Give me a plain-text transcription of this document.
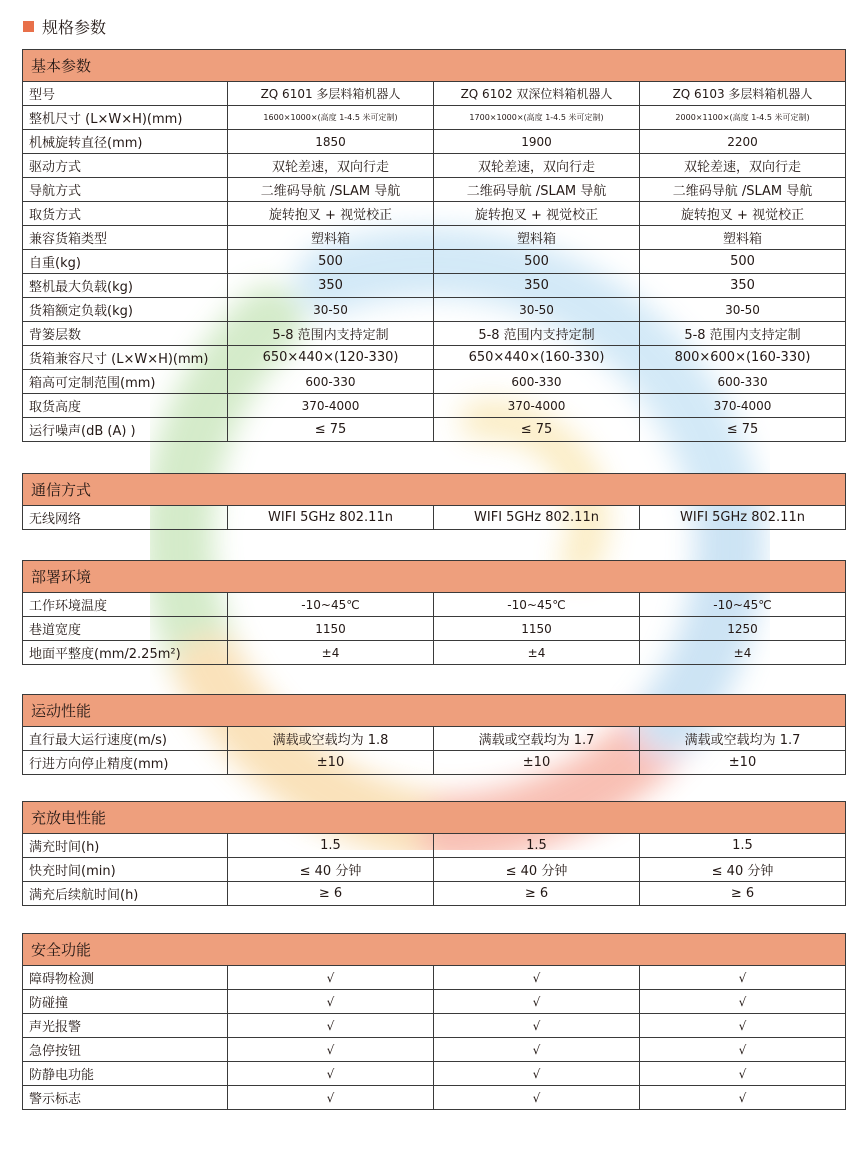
规格参数
基本参数			
型号	ZQ 6101 多层料箱机器人	ZQ 6102 双深位料箱机器人	ZQ 6103 多层料箱机器人
整机尺寸 (L×W×H)(mm)	1600×1000×(高度 1-4.5 米可定制)	1700×1000×(高度 1-4.5 米可定制)	2000×1100×(高度 1-4.5 米可定制)
机械旋转直径(mm)	1850	1900	2200
驱动方式	双轮差速，双向行走	双轮差速，双向行走	双轮差速，双向行走
导航方式	二维码导航 /SLAM 导航	二维码导航 /SLAM 导航	二维码导航 /SLAM 导航
取货方式	旋转抱叉 + 视觉校正	旋转抱叉 + 视觉校正	旋转抱叉 + 视觉校正
兼容货箱类型	塑料箱	塑料箱	塑料箱
自重(kg)	500	500	500
整机最大负载(kg)	350	350	350
货箱额定负载(kg)	30-50	30-50	30-50
背篓层数	5-8 范围内支持定制	5-8 范围内支持定制	5-8 范围内支持定制
货箱兼容尺寸 (L×W×H)(mm)	650×440×(120-330)	650×440×(160-330)	800×600×(160-330)
箱高可定制范围(mm)	600-330	600-330	600-330
取货高度	370-4000	370-4000	370-4000
运行噪声(dB (A) )	≤ 75	≤ 75	≤ 75
通信方式
无线网络	WIFI 5GHz 802.11n	WIFI 5GHz 802.11n	WIFI 5GHz 802.11n
部署环境			
工作环境温度	-10~45℃	-10~45℃	-10~45℃
巷道宽度	1150	1150	1250
地面平整度(mm/2.25m²)	±4	±4	±4
运动性能			
直行最大运行速度(m/s)	满载或空载均为 1.8	满载或空载均为 1.7	满载或空载均为 1.7
行进方向停止精度(mm)	±10	±10	±10
充放电性能			
满充时间(h)	1.5	1.5	1.5
快充时间(min)	≤ 40 分钟	≤ 40 分钟	≤ 40 分钟
满充后续航时间(h)	≥ 6	≥ 6	≥ 6
安全功能			
障碍物检测	√	√	√
防碰撞	√	√	√
声光报警	√	√	√
急停按钮	√	√	√
防静电功能	√	√	√
警示标志	√	√	√
